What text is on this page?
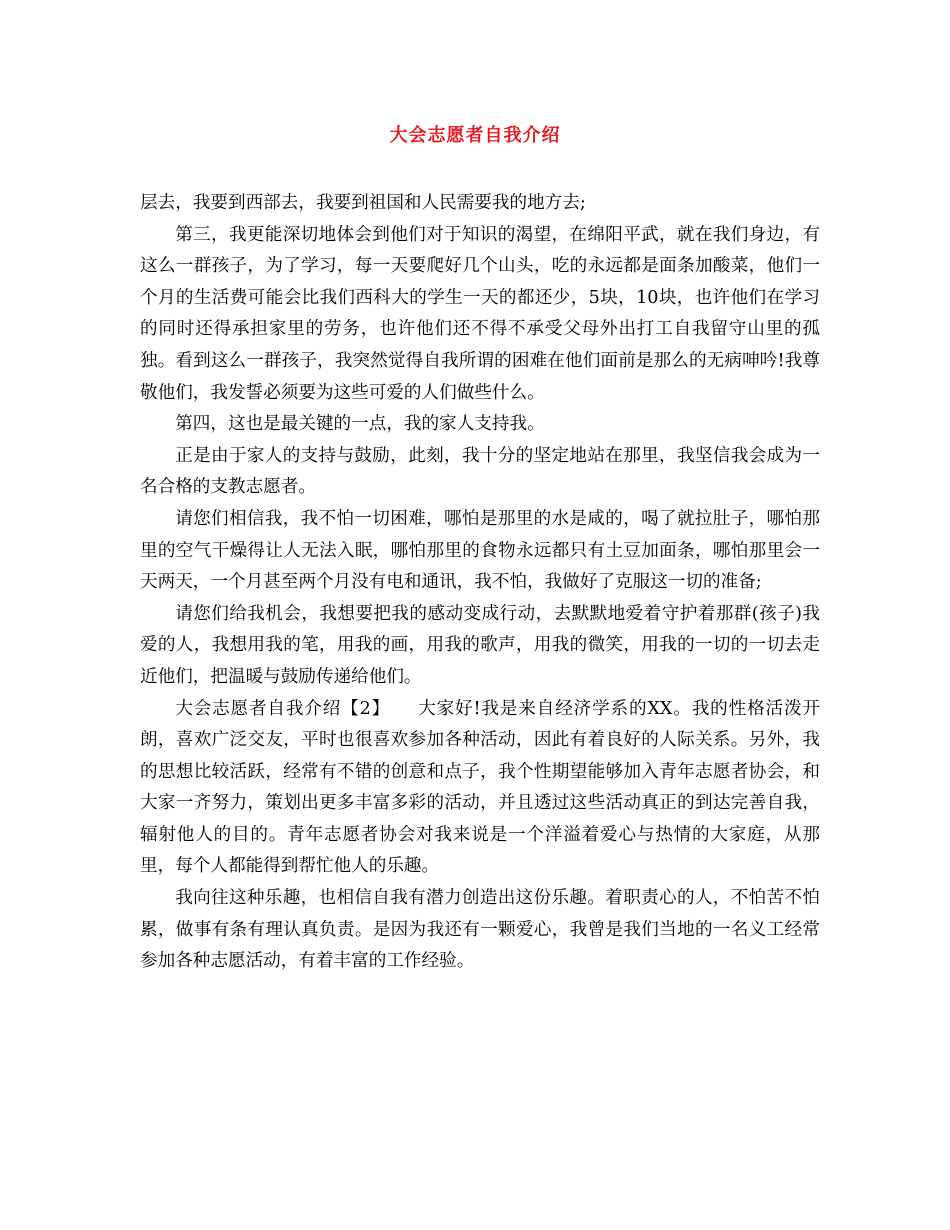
大会志愿者自我介绍

层去，我要到西部去，我要到祖国和人民需要我的地方去;

第三，我更能深切地体会到他们对于知识的渴望，在绵阳平武，就在我们身边，有这么一群孩子，为了学习，每一天要爬好几个山头，吃的永远都是面条加酸菜，他们一个月的生活费可能会比我们西科大的学生一天的都还少，5块，10块，也许他们在学习的同时还得承担家里的劳务，也许他们还不得不承受父母外出打工自我留守山里的孤独。看到这么一群孩子，我突然觉得自我所谓的困难在他们面前是那么的无病呻吟!我尊敬他们，我发誓必须要为这些可爱的人们做些什么。

第四，这也是最关键的一点，我的家人支持我。

正是由于家人的支持与鼓励，此刻，我十分的坚定地站在那里，我坚信我会成为一名合格的支教志愿者。

请您们相信我，我不怕一切困难，哪怕是那里的水是咸的，喝了就拉肚子，哪怕那里的空气干燥得让人无法入眠，哪怕那里的食物永远都只有土豆加面条，哪怕那里会一天两天，一个月甚至两个月没有电和通讯，我不怕，我做好了克服这一切的准备;

请您们给我机会，我想要把我的感动变成行动，去默默地爱着守护着那群(孩子)我爱的人，我想用我的笔，用我的画，用我的歌声，用我的微笑，用我的一切的一切去走近他们，把温暖与鼓励传递给他们。

大会志愿者自我介绍【2】　　大家好!我是来自经济学系的XX。我的性格活泼开朗，喜欢广泛交友，平时也很喜欢参加各种活动，因此有着良好的人际关系。另外，我的思想比较活跃，经常有不错的创意和点子，我个性期望能够加入青年志愿者协会，和大家一齐努力，策划出更多丰富多彩的活动，并且透过这些活动真正的到达完善自我，辐射他人的目的。青年志愿者协会对我来说是一个洋溢着爱心与热情的大家庭，从那里，每个人都能得到帮忙他人的乐趣。

我向往这种乐趣，也相信自我有潜力创造出这份乐趣。着职责心的人，不怕苦不怕累，做事有条有理认真负责。是因为我还有一颗爱心，我曾是我们当地的一名义工经常参加各种志愿活动，有着丰富的工作经验。
